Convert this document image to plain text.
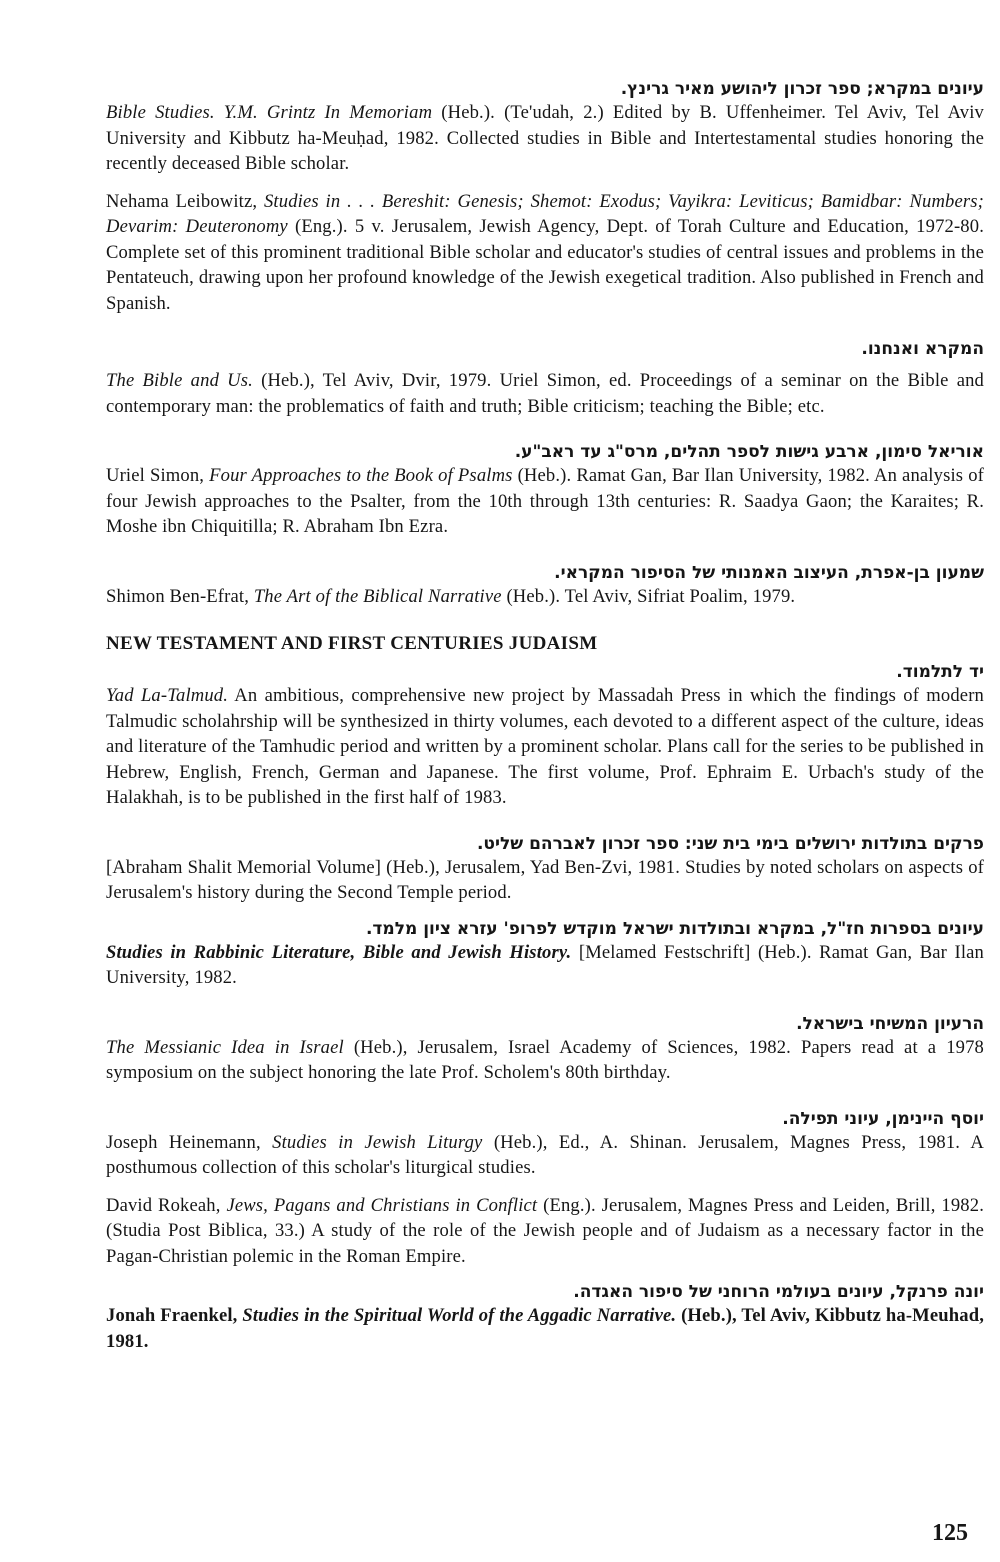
עיונים במקרא; ספר זכרון ליהושע מאיר גרינץ.

Bible Studies. Y.M. Grintz In Memoriam (Heb.). (Te'udah, 2.) Edited by B. Uffenheimer. Tel Aviv, Tel Aviv University and Kibbutz ha-Meuḥad, 1982. Collected studies in Bible and Intertestamental studies honoring the recently deceased Bible scholar.

Nehama Leibowitz, Studies in . . . Bereshit: Genesis; Shemot: Exodus; Vayikra: Leviticus; Bamidbar: Numbers; Devarim: Deuteronomy (Eng.). 5 v. Jerusalem, Jewish Agency, Dept. of Torah Culture and Education, 1972-80. Complete set of this prominent traditional Bible scholar and educator's studies of central issues and problems in the Pentateuch, drawing upon her profound knowledge of the Jewish exegetical tradition. Also published in French and Spanish.

המקרא ואנחנו.

The Bible and Us. (Heb.), Tel Aviv, Dvir, 1979. Uriel Simon, ed. Proceedings of a seminar on the Bible and contemporary man: the problematics of faith and truth; Bible criticism; teaching the Bible; etc.

אוריאל סימון, ארבע גישות לספר תהלים, מרס"ג עד ראב"ע.

Uriel Simon, Four Approaches to the Book of Psalms (Heb.). Ramat Gan, Bar Ilan University, 1982. An analysis of four Jewish approaches to the Psalter, from the 10th through 13th centuries: R. Saadya Gaon; the Karaites; R. Moshe ibn Chiquitilla; R. Abraham Ibn Ezra.

שמעון בן-אפרת, העיצוב האמנותי של הסיפור המקראי.

Shimon Ben-Efrat, The Art of the Biblical Narrative (Heb.). Tel Aviv, Sifriat Poalim, 1979.

NEW TESTAMENT AND FIRST CENTURIES JUDAISM

יד לתלמוד.

Yad La-Talmud. An ambitious, comprehensive new project by Massadah Press in which the findings of modern Talmudic scholahrship will be synthesized in thirty volumes, each devoted to a different aspect of the culture, ideas and literature of the Tamhudic period and written by a prominent scholar. Plans call for the series to be published in Hebrew, English, French, German and Japanese. The first volume, Prof. Ephraim E. Urbach's study of the Halakhah, is to be published in the first half of 1983.

פרקים בתולדות ירושלים בימי בית שני: ספר זכרון לאברהם שליט.

[Abraham Shalit Memorial Volume] (Heb.), Jerusalem, Yad Ben-Zvi, 1981. Studies by noted scholars on aspects of Jerusalem's history during the Second Temple period.

עיונים בספרות חז"ל, במקרא ובתולדות ישראל מוקדש לפרופ' עזרא ציון מלמד.

Studies in Rabbinic Literature, Bible and Jewish History. [Melamed Festschrift] (Heb.). Ramat Gan, Bar Ilan University, 1982.

הרעיון המשיחי בישראל.

The Messianic Idea in Israel (Heb.), Jerusalem, Israel Academy of Sciences, 1982. Papers read at a 1978 symposium on the subject honoring the late Prof. Scholem's 80th birthday.

יוסף היינימן, עיוני תפילה.

Joseph Heinemann, Studies in Jewish Liturgy (Heb.), Ed., A. Shinan. Jerusalem, Magnes Press, 1981. A posthumous collection of this scholar's liturgical studies.

David Rokeah, Jews, Pagans and Christians in Conflict (Eng.). Jerusalem, Magnes Press and Leiden, Brill, 1982. (Studia Post Biblica, 33.) A study of the role of the Jewish people and of Judaism as a necessary factor in the Pagan-Christian polemic in the Roman Empire.

יונה פרנקל, עיונים בעולמי הרוחני של סיפור האגדה.

Jonah Fraenkel, Studies in the Spiritual World of the Aggadic Narrative. (Heb.), Tel Aviv, Kibbutz ha-Meuhad, 1981.

125
